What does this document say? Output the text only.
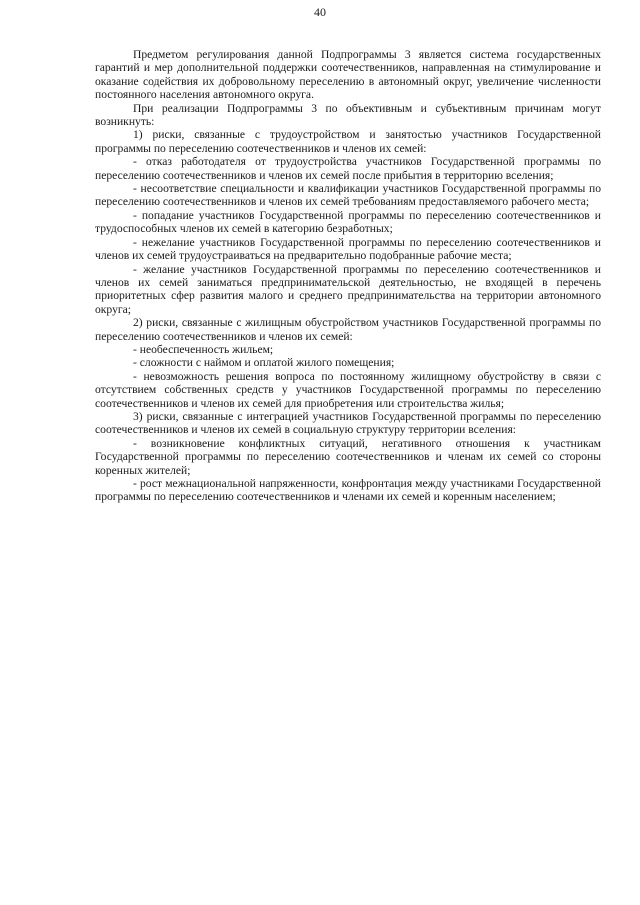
40

Предметом регулирования данной Подпрограммы 3 является система государственных гарантий и мер дополнительной поддержки соотечественников, направленная на стимулирование и оказание содействия их добровольному переселению в автономный округ, увеличение численности постоянного населения автономного округа.

При реализации Подпрограммы 3 по объективным и субъективным причинам могут возникнуть:

1) риски, связанные с трудоустройством и занятостью участников Государственной программы по переселению соотечественников и членов их семей:

- отказ работодателя от трудоустройства участников Государственной программы по переселению соотечественников и членов их семей после прибытия в территорию вселения;

- несоответствие специальности и квалификации участников Государственной программы по переселению соотечественников и членов их семей требованиям предоставляемого рабочего места;

- попадание участников Государственной программы по переселению соотечественников и трудоспособных членов их семей в категорию безработных;

- нежелание участников Государственной программы по переселению соотечественников и членов их семей трудоустраиваться на предварительно подобранные рабочие места;

- желание участников Государственной программы по переселению соотечественников и членов их семей заниматься предпринимательской деятельностью, не входящей в перечень приоритетных сфер развития малого и среднего предпринимательства на территории автономного округа;

2) риски, связанные с жилищным обустройством участников Государственной программы по переселению соотечественников и членов их семей:

- необеспеченность жильем;

- сложности с наймом и оплатой жилого помещения;

- невозможность решения вопроса по постоянному жилищному обустройству в связи с отсутствием собственных средств у участников Государственной программы по переселению соотечественников и членов их семей для приобретения или строительства жилья;

3) риски, связанные с интеграцией участников Государственной программы по переселению соотечественников и членов их семей в социальную структуру территории вселения:

- возникновение конфликтных ситуаций, негативного отношения к участникам Государственной программы по переселению соотечественников и членам их семей со стороны коренных жителей;

- рост межнациональной напряженности, конфронтация между участниками Государственной программы по переселению соотечественников и членами их семей и коренным населением;
